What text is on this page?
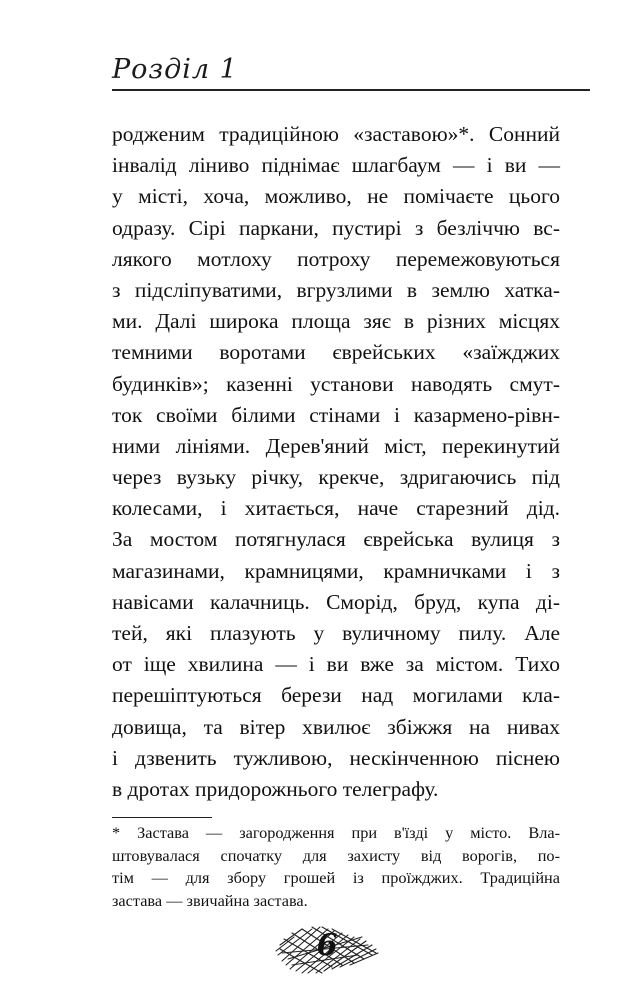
Розділ 1
роджeним традиційною «заставою»*. Сонний
інвалід ліниво піднімає шлагбаум — і ви —
у місті, хоча, можливо, не помічаєте цього
одразу. Сірі паркани, пустирі з безліччю вс-
лякого мотлоху потроху перемежовуються
з підсліпуватими, вгрузлими в землю хатка-
ми. Далі широка площа зяє в різних місцях
темними воротами єврейських «заїжджих
будинків»; казенні установи наводять смут-
ток своїми білими стінами і казармено-рівн-
ними лініями. Дерев'яний міст, перекинутий
через вузьку річку, крекче, здригаючись під
колесами, і хитається, наче старезний дід.
За мостом потягнулася єврейська вулиця з
магазинами, крамницями, крамничками і з
навісами калачниць. Сморід, бруд, купа ді-
тей, які плазують у вуличному пилу. Але
от іще хвилина — і ви вже за містом. Тихо
перешіптуються берези над могилами кла-
довища, та вітер хвилює збіжжя на нивах
і дзвенить тужливою, нескінченною піснею
в дротах придорожнього телеграфу.
* Застава — загородження при в'їзді у місто. Вла-
штовувалася спочатку для захисту від ворогів, по-
тім — для збору грошей із проїжджих. Традиційна
застава — звичайна застава.
6
